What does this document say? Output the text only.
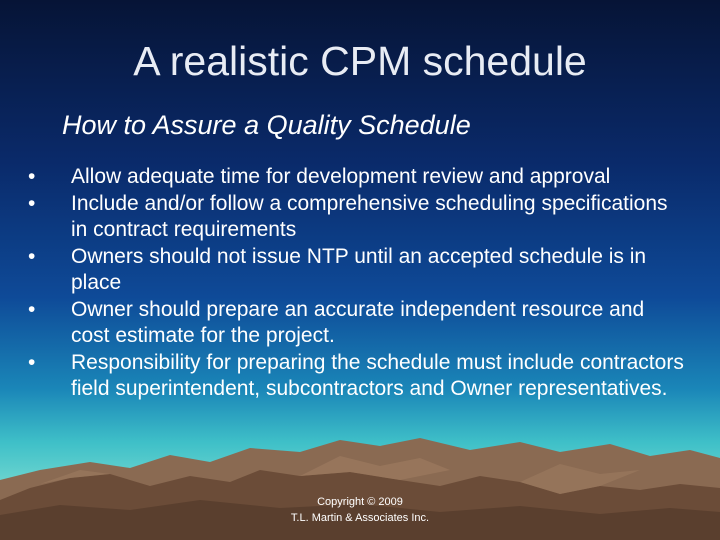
A realistic CPM schedule
How to Assure a Quality Schedule
• Allow adequate time for development review and approval
• Include and/or follow a comprehensive scheduling specifications in contract requirements
• Owners should not issue NTP until an accepted schedule is in place
• Owner should prepare an accurate independent resource and cost estimate for the project.
• Responsibility for preparing the schedule must include contractors field superintendent, subcontractors and Owner representatives.
Copyright © 2009
T.L. Martin & Associates Inc.
